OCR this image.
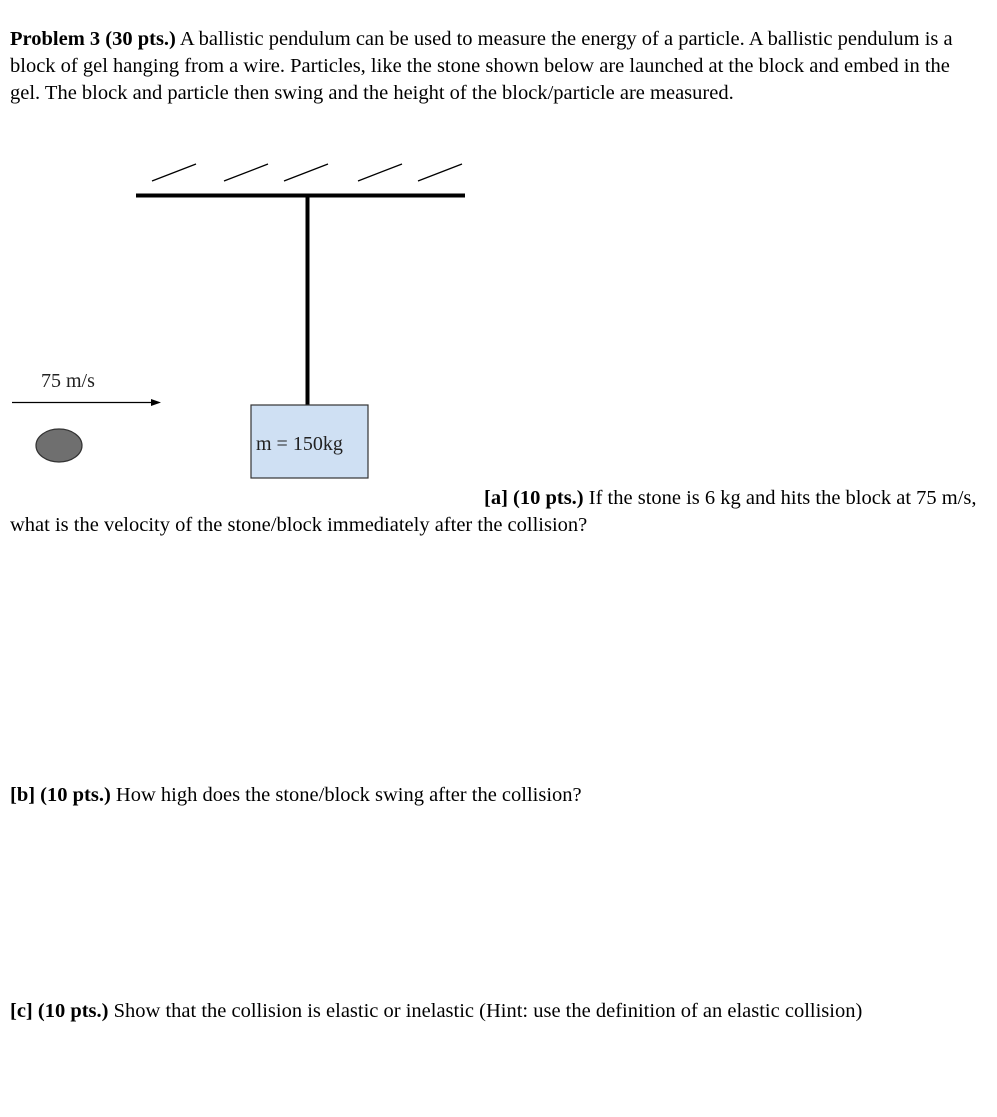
Problem 3 (30 pts.) A ballistic pendulum can be used to measure the energy of a particle. A ballistic pendulum is a block of gel hanging from a wire. Particles, like the stone shown below are launched at the block and embed in the gel. The block and particle then swing and the height of the block/particle are measured.

m = 150kg
75 m/s

[a] (10 pts.) If the stone is 6 kg and hits the block at 75 m/s, what is the velocity of the stone/block immediately after the collision?

[b] (10 pts.) How high does the stone/block swing after the collision?

[c] (10 pts.) Show that the collision is elastic or inelastic (Hint: use the definition of an elastic collision)
